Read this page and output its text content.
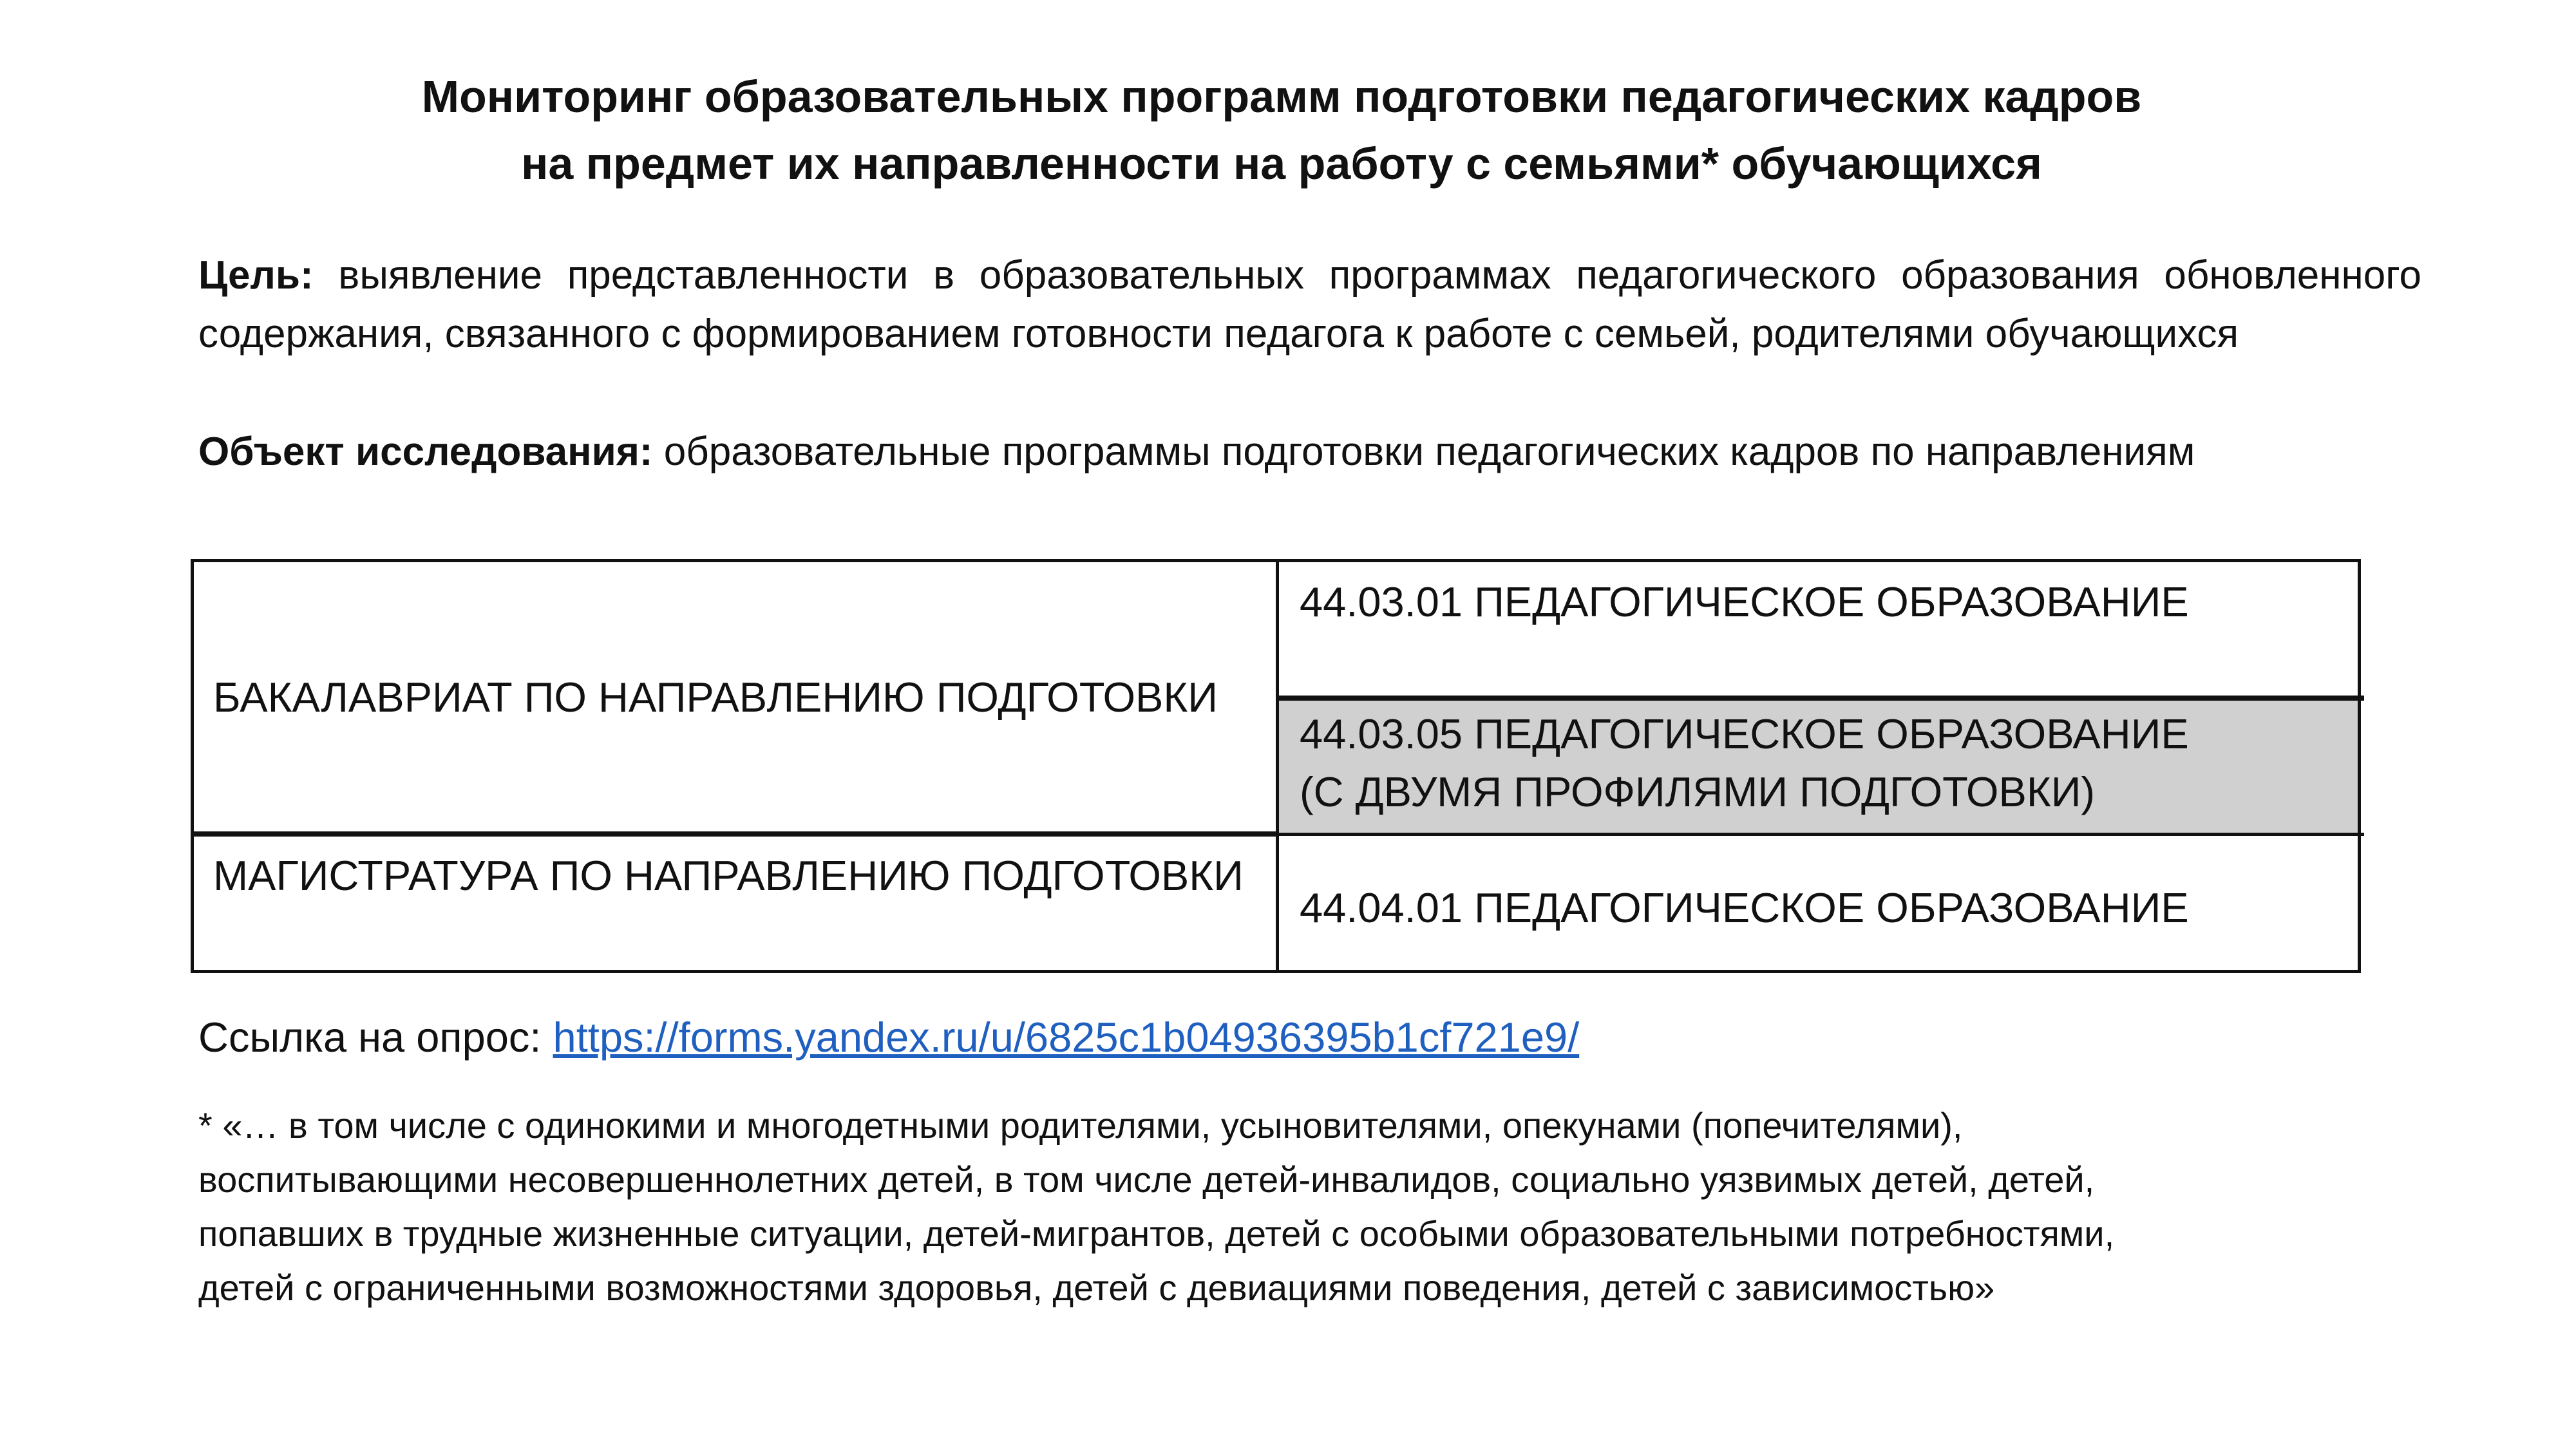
Мониторинг образовательных программ подготовки педагогических кадров
на предмет их направленности на работу с семьями* обучающихся
Цель: выявление представленности в образовательных программах педагогического образования обновленного содержания, связанного с формированием готовности педагога к работе с семьей, родителями обучающихся
Объект исследования: образовательные программы подготовки педагогических кадров по направлениям
БАКАЛАВРИАТ ПО НАПРАВЛЕНИЮ ПОДГОТОВКИ
МАГИСТРАТУРА ПО НАПРАВЛЕНИЮ ПОДГОТОВКИ
44.03.01 ПЕДАГОГИЧЕСКОЕ ОБРАЗОВАНИЕ
44.03.05 ПЕДАГОГИЧЕСКОЕ ОБРАЗОВАНИЕ
(С ДВУМЯ ПРОФИЛЯМИ ПОДГОТОВКИ)
44.04.01 ПЕДАГОГИЧЕСКОЕ ОБРАЗОВАНИЕ
Ссылка на опрос: https://forms.yandex.ru/u/6825c1b04936395b1cf721e9/
* «… в том числе с одинокими и многодетными родителями, усыновителями, опекунами (попечителями),
воспитывающими несовершеннолетних детей, в том числе детей-инвалидов, социально уязвимых детей, детей,
попавших в трудные жизненные ситуации, детей-мигрантов, детей с особыми образовательными потребностями,
детей с ограниченными возможностями здоровья, детей с девиациями поведения, детей с зависимостью»
